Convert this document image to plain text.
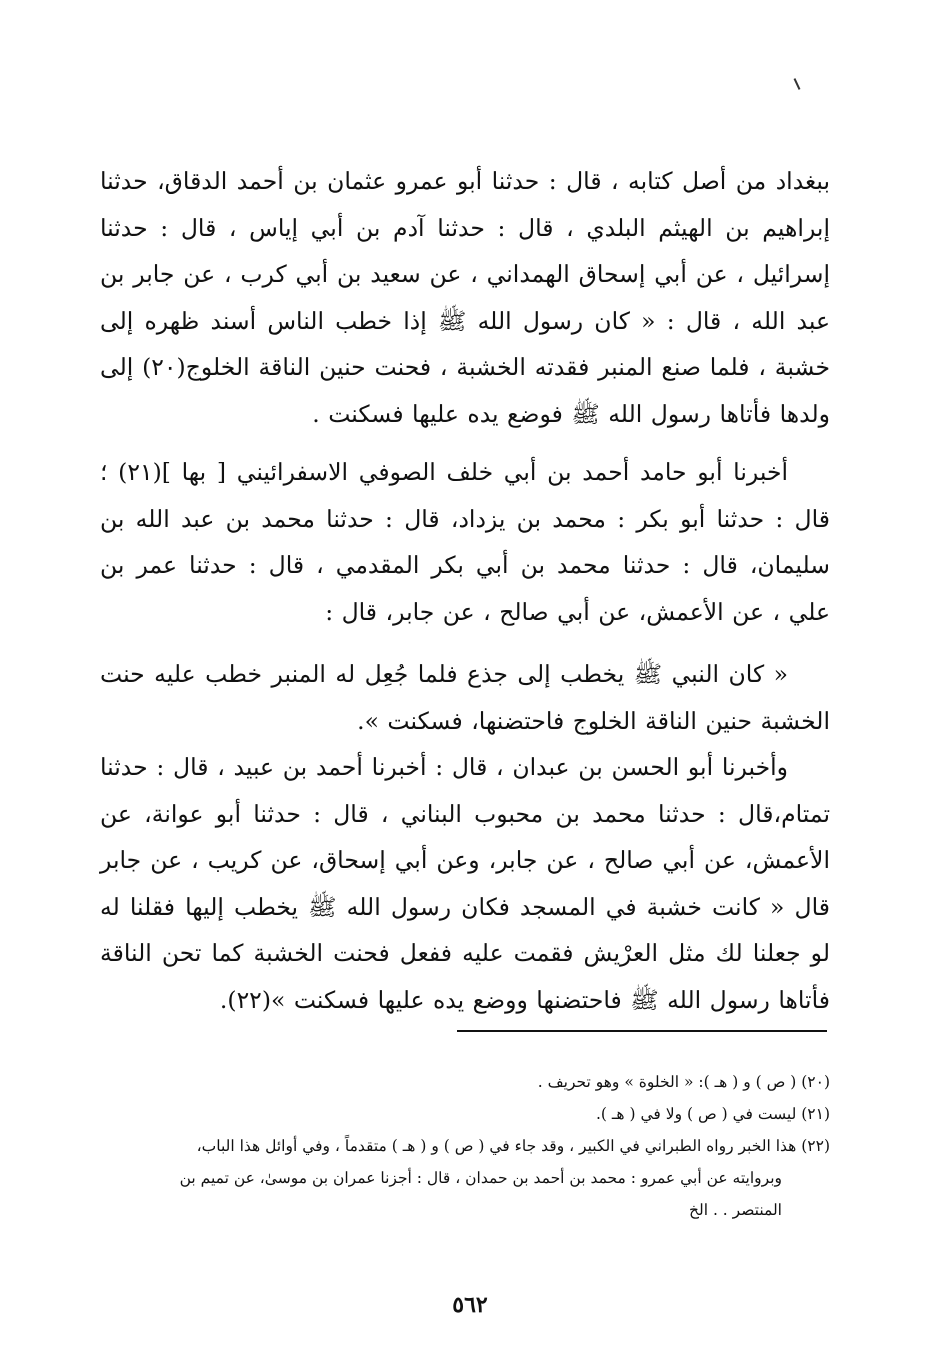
ببغداد من أصل كتابه ، قال : حدثنا أبو عمرو عثمان بن أحمد الدقاق، حدثنا إبراهيم بن الهيثم البلدي ، قال : حدثنا آدم بن أبي إياس ، قال : حدثنا إسرائيل ، عن أبي إسحاق الهمداني ، عن سعيد بن أبي كرب ، عن جابر بن عبد الله ، قال : « كان رسول الله ﷺ إذا خطب الناس أسند ظهره إلى خشبة ، فلما صنع المنبر فقدته الخشبة ، فحنت حنين الناقة الخلوج(٢٠) إلى ولدها فأتاها رسول الله ﷺ فوضع يده عليها فسكنت .

أخبرنا أبو حامد أحمد بن أبي خلف الصوفي الاسفرائيني [ بها ](٢١) ؛ قال : حدثنا أبو بكر : محمد بن يزداد، قال : حدثنا محمد بن عبد الله بن سليمان، قال : حدثنا محمد بن أبي بكر المقدمي ، قال : حدثنا عمر بن علي ، عن الأعمش، عن أبي صالح ، عن جابر، قال :

« كان النبي ﷺ يخطب إلى جذع فلما جُعِل له المنبر خطب عليه حنت الخشبة حنين الناقة الخلوج فاحتضنها، فسكنت ».

وأخبرنا أبو الحسن بن عبدان ، قال : أخبرنا أحمد بن عبيد ، قال : حدثنا تمتام،قال : حدثنا محمد بن محبوب البناني ، قال : حدثنا أبو عوانة، عن الأعمش، عن أبي صالح ، عن جابر، وعن أبي إسحاق، عن كريب ، عن جابر قال « كانت خشبة في المسجد فكان رسول الله ﷺ يخطب إليها فقلنا له لو جعلنا لك مثل العرْيش فقمت عليه ففعل فحنت الخشبة كما تحن الناقة فأتاها رسول الله ﷺ فاحتضنها ووضع يده عليها فسكنت »(٢٢).

(٢٠) ( ص ) و ( هـ ): « الخلوة » وهو تحريف .

(٢١) ليست في ( ص ) ولا في ( هـ ).

(٢٢) هذا الخبر رواه الطبراني في الكبير ، وقد جاء في ( ص ) و ( هـ ) متقدماً ، وفي أوائل هذا الباب،

وبروايته عن أبي عمرو : محمد بن أحمد بن حمدان ، قال : أجزنا عمران بن موسىٰ، عن تميم بن

المنتصر . . الخ

٥٦٢
